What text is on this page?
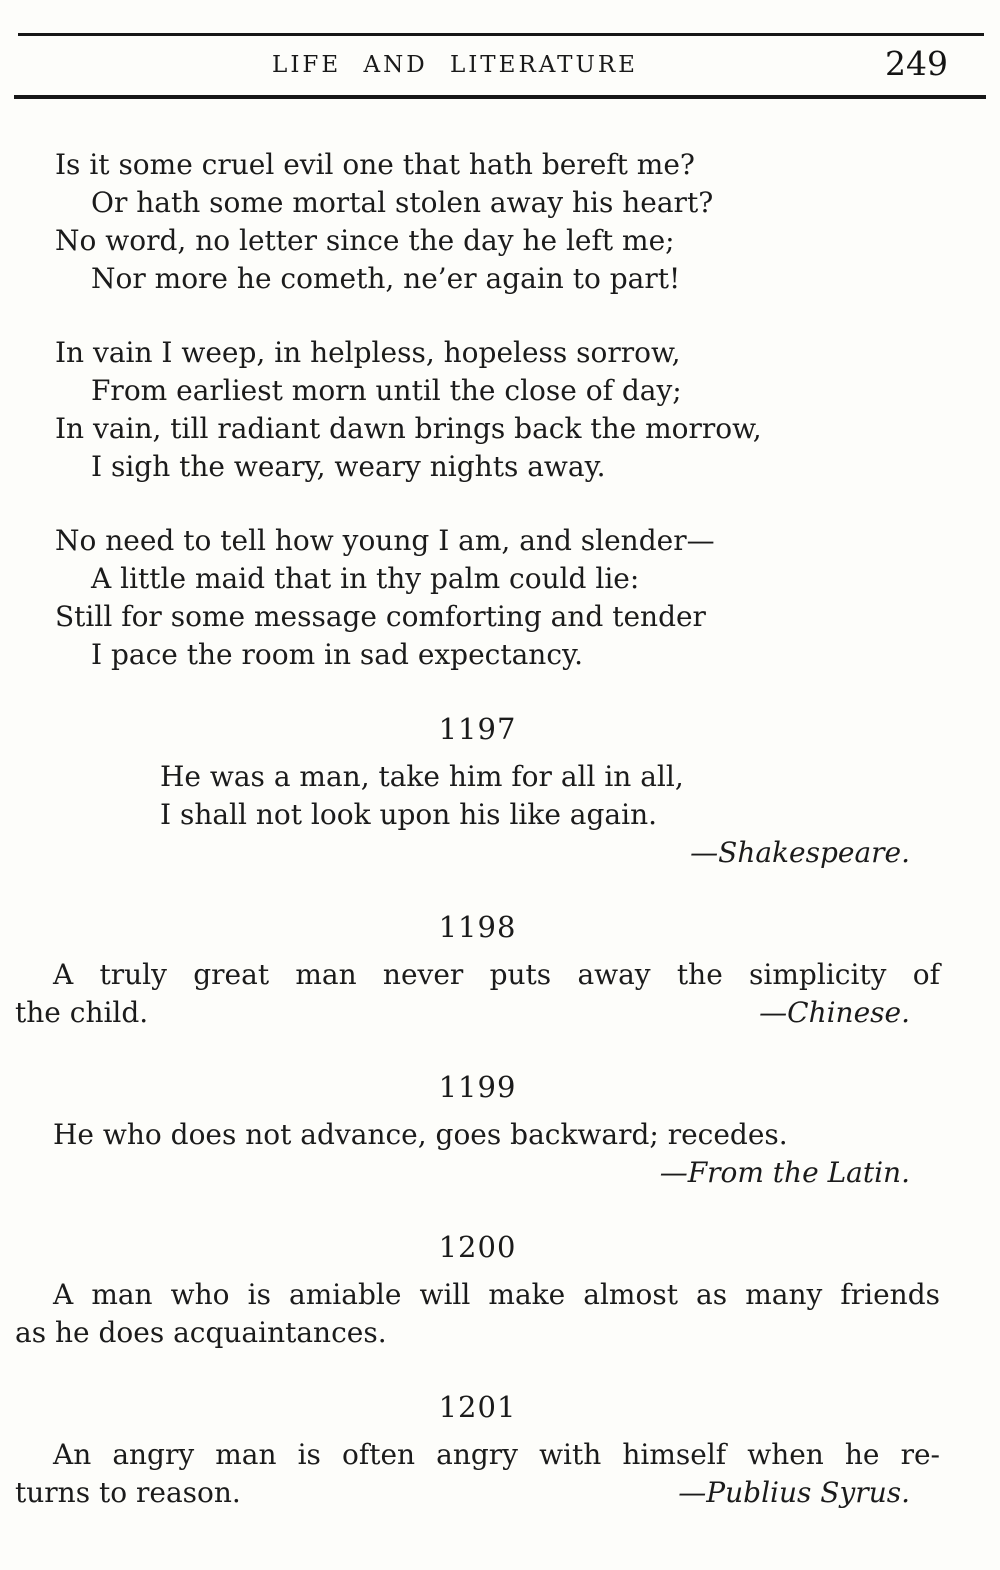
LIFE AND LITERATURE	249

Is it some cruel evil one that hath bereft me?

Or hath some mortal stolen away his heart?

No word, no letter since the day he left me;

Nor more he cometh, ne’er again to part!

In vain I weep, in helpless, hopeless sorrow,

From earliest morn until the close of day;

In vain, till radiant dawn brings back the morrow,

I sigh the weary, weary nights away.

No need to tell how young I am, and slender—

A little maid that in thy palm could lie:

Still for some message comforting and tender

I pace the room in sad expectancy.

1197

He was a man, take him for all in all,

I shall not look upon his like again.

—Shakespeare.

1198

A truly great man never puts away the simplicity of

the child.	—Chinese.
1199

He who does not advance, goes backward; recedes.

—From the Latin.

1200

A man who is amiable will make almost as many friends

as he does acquaintances.

1201

An angry man is often angry with himself when he re-

turns to reason.	—Publius Syrus.
